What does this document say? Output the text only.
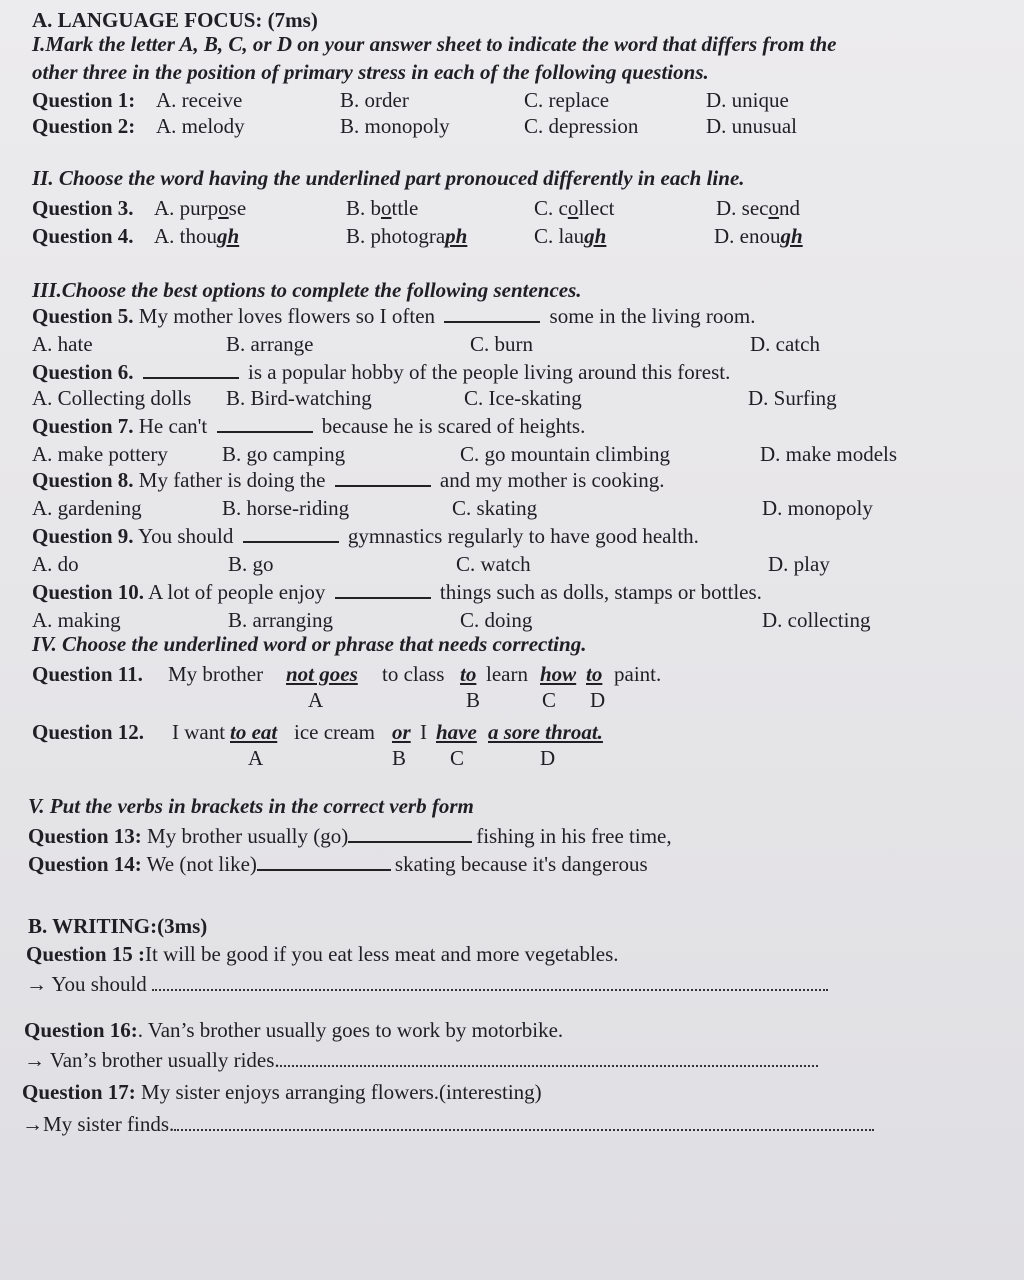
A. LANGUAGE FOCUS: (7ms)
I.Mark the letter A, B, C, or D on your answer sheet to indicate the word that differs from the
other three in the position of primary stress in each of the following questions.
Question 1: A. receive	B. order	C. replace	D. unique
Question 2: A. melody	B. monopoly	C. depression	D. unusual
II. Choose the word having the underlined part pronouced differently in each line.
Question 3. A. purpose	B. bottle	C. collect	D. second
Question 4. A. though	B. photograph	C. laugh	D. enough
III.Choose the best options to complete the following sentences.
Question 5. My mother loves flowers so I often	some in the living room.
A. hate	B. arrange	C. burn	D. catch
Question 6.	is a popular hobby of the people living around this forest.
A. Collecting dolls B. Bird-watching	C. Ice-skating	D. Surfing
Question 7. He can't	because he is scared of heights.
A. make pottery	B. go camping	C. go mountain climbing	D. make models
Question 8. My father is doing the	and my mother is cooking.
A. gardening	B. horse-riding	C. skating	D. monopoly
Question 9. You should	gymnastics regularly to have good health.
A. do	B. go	C. watch	D. play
Question 10. A lot of people enjoy	things such as dolls, stamps or bottles.
A. making	B. arranging	C. doing	D. collecting
IV. Choose the underlined word or phrase that needs correcting.
Question 11. My brother not goes to class to learn how to paint.
A	B	C D
Question 12. I want to eat ice cream or I have a sore throat.
A	B C	D
V. Put the verbs in brackets in the correct verb form
Question 13: My brother usually (go)	fishing in his free time,
Question 14: We (not like)	skating because it's dangerous
B. WRITING:(3ms)
Question 15 :It will be good if you eat less meat and more vegetables.
→ You should
Question 16:. Van’s brother usually goes to work by motorbike.
→ Van’s brother usually rides.
Question 17: My sister enjoys arranging flowers.(interesting)
→My sister finds.
